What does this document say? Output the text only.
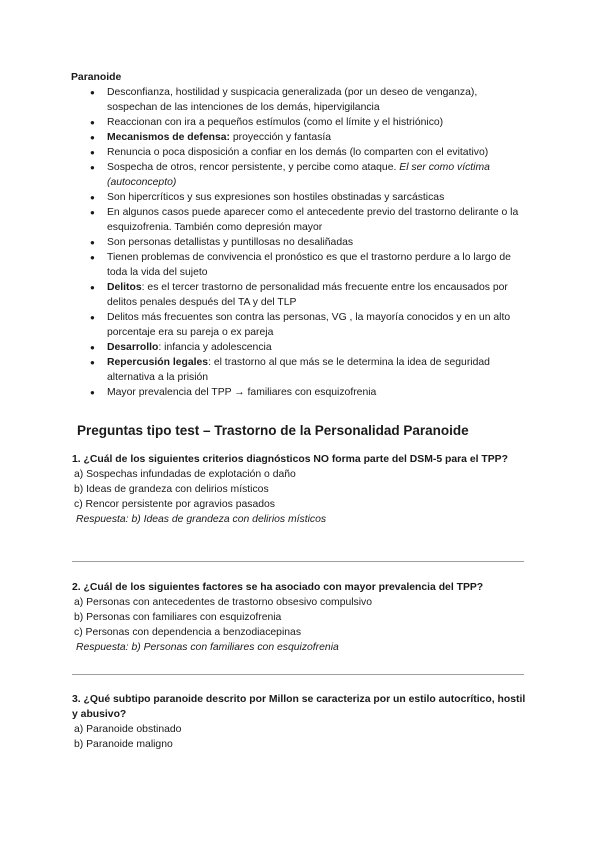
Paranoide
● Desconfianza, hostilidad y suspicacia generalizada (por un deseo de venganza), sospechan de las intenciones de los demás, hipervigilancia
● Reaccionan con ira a pequeños estímulos (como el límite y el histriónico)
● Mecanismos de defensa: proyección y fantasía
● Renuncia o poca disposición a confiar en los demás (lo comparten con el evitativo)
● Sospecha de otros, rencor persistente, y percibe como ataque. El ser como víctima (autoconcepto)
● Son hipercríticos y sus expresiones son hostiles obstinadas y sarcásticas
● En algunos casos puede aparecer como el antecedente previo del trastorno delirante o la esquizofrenia. También como depresión mayor
● Son personas detallistas y puntillosas no desaliñadas
● Tienen problemas de convivencia el pronóstico es que el trastorno perdure a lo largo de toda la vida del sujeto
● Delitos: es el tercer trastorno de personalidad más frecuente entre los encausados por delitos penales después del TA y del TLP
● Delitos más frecuentes son contra las personas, VG , la mayoría conocidos y en un alto porcentaje era su pareja o ex pareja
● Desarrollo: infancia y adolescencia
● Repercusión legales: el trastorno al que más se le determina la idea de seguridad alternativa a la prisión
● Mayor prevalencia del TPP → familiares con esquizofrenia
Preguntas tipo test – Trastorno de la Personalidad Paranoide
1. ¿Cuál de los siguientes criterios diagnósticos NO forma parte del DSM-5 para el TPP?
a) Sospechas infundadas de explotación o daño
b) Ideas de grandeza con delirios místicos
c) Rencor persistente por agravios pasados
Respuesta: b) Ideas de grandeza con delirios místicos
2. ¿Cuál de los siguientes factores se ha asociado con mayor prevalencia del TPP?
a) Personas con antecedentes de trastorno obsesivo compulsivo
b) Personas con familiares con esquizofrenia
c) Personas con dependencia a benzodiacepinas
Respuesta: b) Personas con familiares con esquizofrenia
3. ¿Qué subtipo paranoide descrito por Millon se caracteriza por un estilo autocrítico, hostil y abusivo?
a) Paranoide obstinado
b) Paranoide maligno
